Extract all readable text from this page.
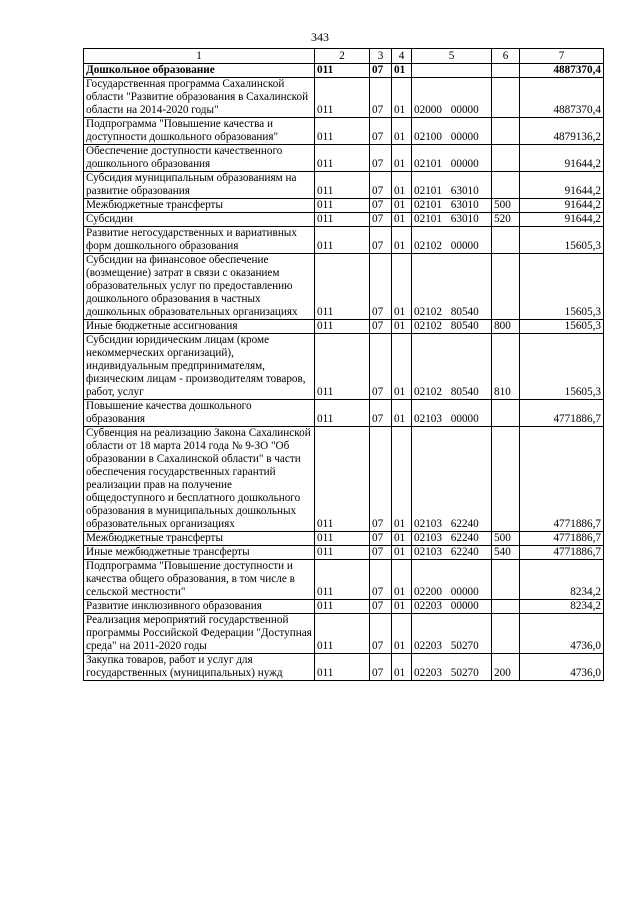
343
1	2	3	4	5	6	7
Дошкольное образование	011	07	01			4887370,4
Государственная программа Сахалинской области "Развитие образования в Сахалинской области на 2014-2020 годы"	011	07	01	02000 00000		4887370,4
Подпрограмма "Повышение качества и доступности дошкольного образования"	011	07	01	02100 00000		4879136,2
Обеспечение доступности качественного дошкольного образования	011	07	01	02101 00000		91644,2
Субсидия муниципальным образованиям на развитие образования	011	07	01	02101 63010		91644,2
Межбюджетные трансферты	011	07	01	02101 63010	500	91644,2
Субсидии	011	07	01	02101 63010	520	91644,2
Развитие негосударственных и вариативных форм дошкольного образования	011	07	01	02102 00000		15605,3
Субсидии на финансовое обеспечение (возмещение) затрат в связи с оказанием образовательных услуг по предоставлению дошкольного образования в частных дошкольных образовательных организациях	011	07	01	02102 80540		15605,3
Иные бюджетные ассигнования	011	07	01	02102 80540	800	15605,3
Субсидии юридическим лицам (кроме некоммерческих организаций), индивидуальным предпринимателям, физическим лицам - производителям товаров, работ, услуг	011	07	01	02102 80540	810	15605,3
Повышение качества дошкольного образования	011	07	01	02103 00000		4771886,7
Субвенция на реализацию Закона Сахалинской области от 18 марта 2014 года № 9-ЗО "Об образовании в Сахалинской области" в части обеспечения государственных гарантий реализации прав на получение общедоступного и бесплатного дошкольного образования в муниципальных дошкольных образовательных организациях	011	07	01	02103 62240		4771886,7
Межбюджетные трансферты	011	07	01	02103 62240	500	4771886,7
Иные межбюджетные трансферты	011	07	01	02103 62240	540	4771886,7
Подпрограмма "Повышение доступности и качества общего образования, в том числе в сельской местности"	011	07	01	02200 00000		8234,2
Развитие инклюзивного образования	011	07	01	02203 00000		8234,2
Реализация мероприятий государственной программы Российской Федерации "Доступная среда" на 2011-2020 годы	011	07	01	02203 50270		4736,0
Закупка товаров, работ и услуг для государственных (муниципальных) нужд	011	07	01	02203 50270	200	4736,0
